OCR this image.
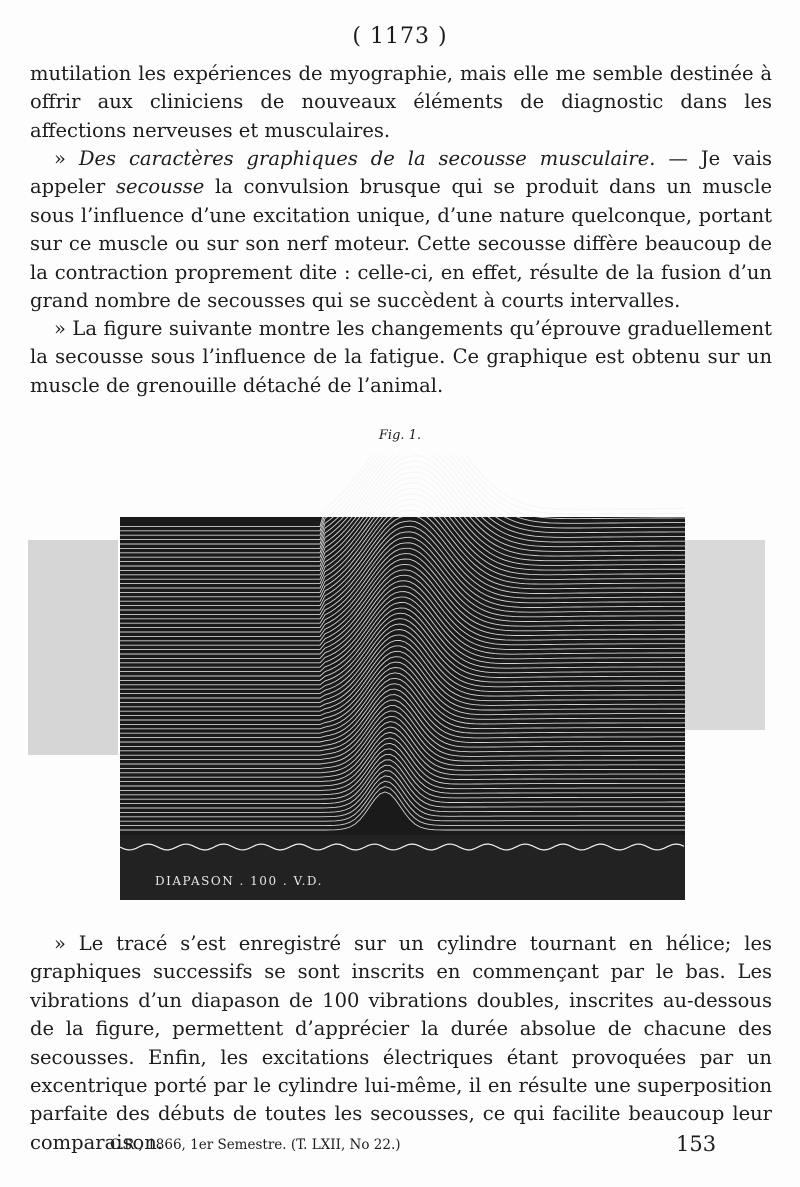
( 1173 )

mutilation les expériences de myographie, mais elle me semble destinée à offrir aux cliniciens de nouveaux éléments de diagnostic dans les affections nerveuses et musculaires.

» Des caractères graphiques de la secousse musculaire. — Je vais appeler secousse la convulsion brusque qui se produit dans un muscle sous l’influence d’une excitation unique, d’une nature quelconque, portant sur ce muscle ou sur son nerf moteur. Cette secousse diffère beaucoup de la contraction proprement dite : celle-ci, en effet, résulte de la fusion d’un grand nombre de secousses qui se succèdent à courts intervalles.

» La figure suivante montre les changements qu’éprouve graduellement la secousse sous l’influence de la fatigue. Ce graphique est obtenu sur un muscle de grenouille détaché de l’animal.

Fig. 1.
DIAPASON . 100 . V.D.

» Le tracé s’est enregistré sur un cylindre tournant en hélice; les graphiques successifs se sont inscrits en commençant par le bas. Les vibrations d’un diapason de 100 vibrations doubles, inscrites au-dessous de la figure, permettent d’apprécier la durée absolue de chacune des secousses. Enfin, les excitations électriques étant provoquées par un excentrique porté par le cylindre lui-même, il en résulte une superposition parfaite des débuts de toutes les secousses, ce qui facilite beaucoup leur comparaison.

C.R., 1866, 1er Semestre. (T. LXII, No 22.)	153
